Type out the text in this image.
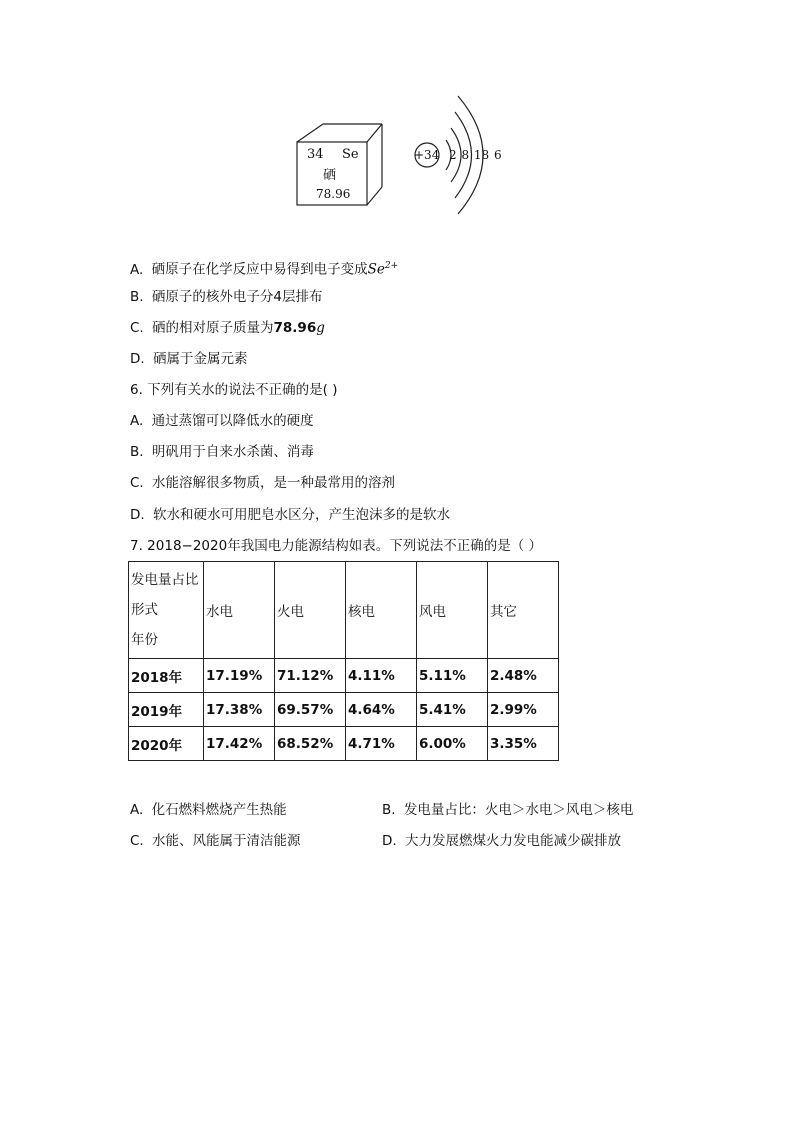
34 Se
硒
78.96
+34 2 8 18 6
A. 硒原子在化学反应中易得到电子变成$Se^{2+}$
B. 硒原子的核外电子分4层排布
C. 硒的相对原子质量为78.96g
D. 硒属于金属元素
6. 下列有关水的说法不正确的是( )
A. 通过蒸馏可以降低水的硬度
B. 明矾用于自来水杀菌、消毒
C. 水能溶解很多物质，是一种最常用的溶剂
D. 软水和硬水可用肥皂水区分，产生泡沫多的是软水
7. 2018−2020年我国电力能源结构如表。下列说法不正确的是（ ）
发电量占比
形式
年份	水电	火电	核电	风电	其它
2018年	17.19%	71.12%	4.11%	5.11%	2.48%
2019年	17.38%	69.57%	4.64%	5.41%	2.99%
2020年	17.42%	68.52%	4.71%	6.00%	3.35%
A. 化石燃料燃烧产生热能	B. 发电量占比：火电＞水电＞风电＞核电
C. 水能、风能属于清洁能源	D. 大力发展燃煤火力发电能减少碳排放
